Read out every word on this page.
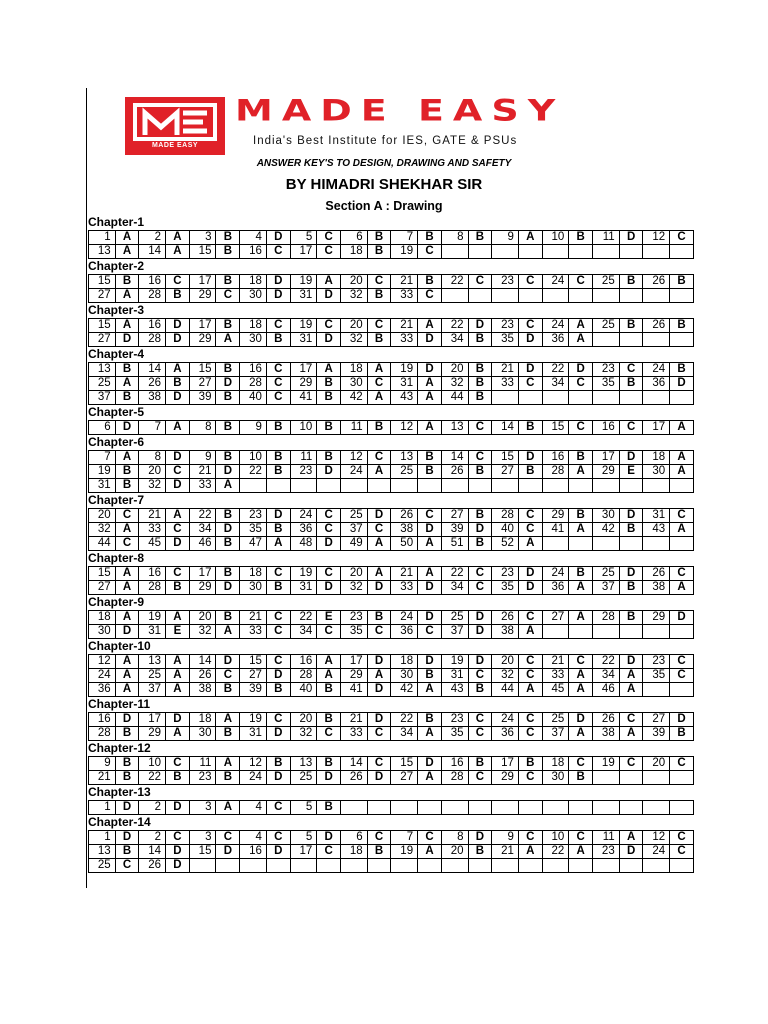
MADE EASY
MADE EASY
India's Best Institute for IES, GATE & PSUs
ANSWER KEY'S TO DESIGN, DRAWING AND SAFETY
BY HIMADRI SHEKHAR SIR
Section A : Drawing
Chapter-1
1	A	2	A	3	B	4	D	5	C	6	B	7	B	8	B	9	A	10	B	11	D	12	C
13	A	14	A	15	B	16	C	17	C	18	B	19	C										
Chapter-2
15	B	16	C	17	B	18	D	19	A	20	C	21	B	22	C	23	C	24	C	25	B	26	B
27	A	28	B	29	C	30	D	31	D	32	B	33	C										
Chapter-3
15	A	16	D	17	B	18	C	19	C	20	C	21	A	22	D	23	C	24	A	25	B	26	B
27	D	28	D	29	A	30	B	31	D	32	B	33	D	34	B	35	D	36	A				
Chapter-4
13	B	14	A	15	B	16	C	17	A	18	A	19	D	20	B	21	D	22	D	23	C	24	B
25	A	26	B	27	D	28	C	29	B	30	C	31	A	32	B	33	C	34	C	35	B	36	D
37	B	38	D	39	B	40	C	41	B	42	A	43	A	44	B								
Chapter-5
6	D	7	A	8	B	9	B	10	B	11	B	12	A	13	C	14	B	15	C	16	C	17	A
Chapter-6
7	A	8	D	9	B	10	B	11	B	12	C	13	B	14	C	15	D	16	B	17	D	18	A
19	B	20	C	21	D	22	B	23	D	24	A	25	B	26	B	27	B	28	A	29	E	30	A
31	B	32	D	33	A																		
Chapter-7
20	C	21	A	22	B	23	D	24	C	25	D	26	C	27	B	28	C	29	B	30	D	31	C
32	A	33	C	34	D	35	B	36	C	37	C	38	D	39	D	40	C	41	A	42	B	43	A
44	C	45	D	46	B	47	A	48	D	49	A	50	A	51	B	52	A						
Chapter-8
15	A	16	C	17	B	18	C	19	C	20	A	21	A	22	C	23	D	24	B	25	D	26	C
27	A	28	B	29	D	30	B	31	D	32	D	33	D	34	C	35	D	36	A	37	B	38	A
Chapter-9
18	A	19	A	20	B	21	C	22	E	23	B	24	D	25	D	26	C	27	A	28	B	29	D
30	D	31	E	32	A	33	C	34	C	35	C	36	C	37	D	38	A						
Chapter-10
12	A	13	A	14	D	15	C	16	A	17	D	18	D	19	D	20	C	21	C	22	D	23	C
24	A	25	A	26	C	27	D	28	A	29	A	30	B	31	C	32	C	33	A	34	A	35	C
36	A	37	A	38	B	39	B	40	B	41	D	42	A	43	B	44	A	45	A	46	A		
Chapter-11
16	D	17	D	18	A	19	C	20	B	21	D	22	B	23	C	24	C	25	D	26	C	27	D
28	B	29	A	30	B	31	D	32	C	33	C	34	A	35	C	36	C	37	A	38	A	39	B
Chapter-12
9	B	10	C	11	A	12	B	13	B	14	C	15	D	16	B	17	B	18	C	19	C	20	C
21	B	22	B	23	B	24	D	25	D	26	D	27	A	28	C	29	C	30	B				
Chapter-13
1	D	2	D	3	A	4	C	5	B														
Chapter-14
1	D	2	C	3	C	4	C	5	D	6	C	7	C	8	D	9	C	10	C	11	A	12	C
13	B	14	D	15	D	16	D	17	C	18	B	19	A	20	B	21	A	22	A	23	D	24	C
25	C	26	D																				
